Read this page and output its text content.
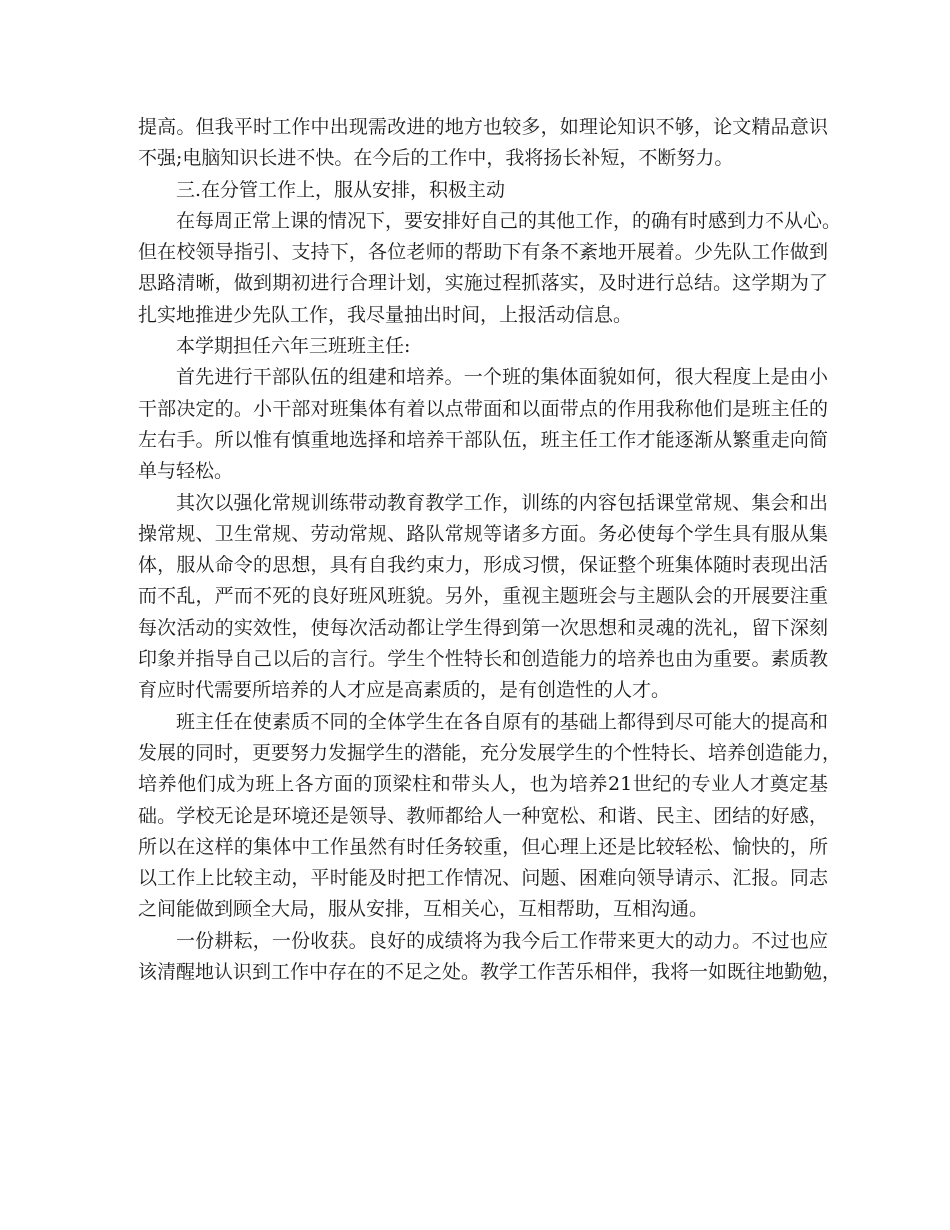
提高。但我平时工作中出现需改进的地方也较多，如理论知识不够，论文精品意识
不强;电脑知识长进不快。在今后的工作中，我将扬长补短，不断努力。
三.在分管工作上，服从安排，积极主动
在每周正常上课的情况下，要安排好自己的其他工作，的确有时感到力不从心。
但在校领导指引、支持下，各位老师的帮助下有条不紊地开展着。少先队工作做到
思路清晰，做到期初进行合理计划，实施过程抓落实，及时进行总结。这学期为了
扎实地推进少先队工作，我尽量抽出时间，上报活动信息。
本学期担任六年三班班主任:
首先进行干部队伍的组建和培养。一个班的集体面貌如何，很大程度上是由小
干部决定的。小干部对班集体有着以点带面和以面带点的作用我称他们是班主任的
左右手。所以惟有慎重地选择和培养干部队伍，班主任工作才能逐渐从繁重走向简
单与轻松。
其次以强化常规训练带动教育教学工作，训练的内容包括课堂常规、集会和出
操常规、卫生常规、劳动常规、路队常规等诸多方面。务必使每个学生具有服从集
体，服从命令的思想，具有自我约束力，形成习惯，保证整个班集体随时表现出活
而不乱，严而不死的良好班风班貌。另外，重视主题班会与主题队会的开展要注重
每次活动的实效性，使每次活动都让学生得到第一次思想和灵魂的洗礼，留下深刻
印象并指导自己以后的言行。学生个性特长和创造能力的培养也由为重要。素质教
育应时代需要所培养的人才应是高素质的，是有创造性的人才。
班主任在使素质不同的全体学生在各自原有的基础上都得到尽可能大的提高和
发展的同时，更要努力发掘学生的潜能，充分发展学生的个性特长、培养创造能力，
培养他们成为班上各方面的顶梁柱和带头人，也为培养21世纪的专业人才奠定基
础。学校无论是环境还是领导、教师都给人一种宽松、和谐、民主、团结的好感，
所以在这样的集体中工作虽然有时任务较重，但心理上还是比较轻松、愉快的，所
以工作上比较主动，平时能及时把工作情况、问题、困难向领导请示、汇报。同志
之间能做到顾全大局，服从安排，互相关心，互相帮助，互相沟通。
一份耕耘，一份收获。良好的成绩将为我今后工作带来更大的动力。不过也应
该清醒地认识到工作中存在的不足之处。教学工作苦乐相伴，我将一如既往地勤勉，
